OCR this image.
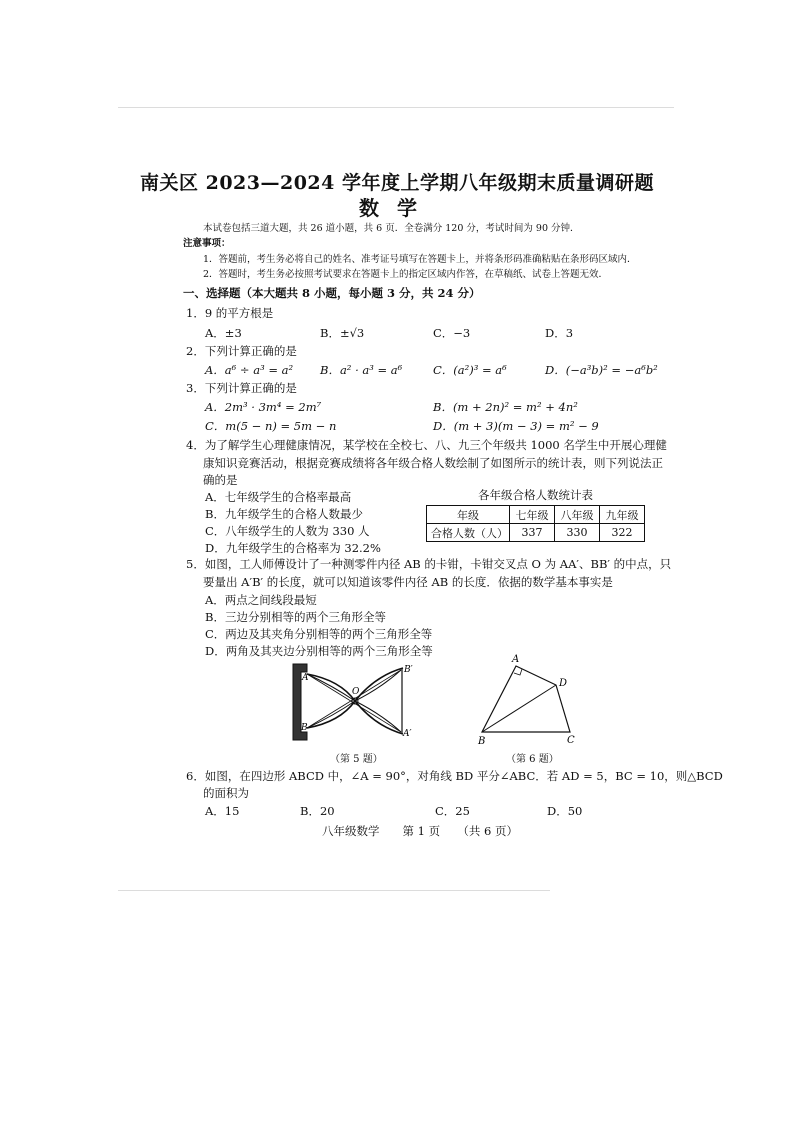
南关区 2023—2024 学年度上学期八年级期末质量调研题
数学
本试卷包括三道大题，共 26 道小题，共 6 页．全卷满分 120 分，考试时间为 90 分钟．
注意事项：
1．答题前，考生务必将自己的姓名、准考证号填写在答题卡上，并将条形码准确粘贴在条形码区域内．
2．答题时，考生务必按照考试要求在答题卡上的指定区域内作答，在草稿纸、试卷上答题无效．
一、选择题（本大题共 8 小题，每小题 3 分，共 24 分）
1．9 的平方根是
A．±3	B．±√3	C．−3	D．3
2．下列计算正确的是
A．a⁶ ÷ a³ = a² B．a² · a³ = a⁶	C．(a²)³ = a⁶	D．(−a³b)² = −a⁶b²
3．下列计算正确的是
A．2m³ · 3m⁴ = 2m⁷	B．(m + 2n)² = m² + 4n²
C．m(5 − n) = 5m − n	D．(m + 3)(m − 3) = m² − 9
4．为了解学生心理健康情况，某学校在全校七、八、九三个年级共 1000 名学生中开展心理健
康知识竞赛活动，根据竞赛成绩将各年级合格人数绘制了如图所示的统计表，则下列说法正
确的是
A．七年级学生的合格率最高
B．九年级学生的合格人数最少
C．八年级学生的人数为 330 人
D．九年级学生的合格率为 32.2%
各年级合格人数统计表
年级	七年级	八年级	九年级
合格人数（人）	337	330	322
5．如图，工人师傅设计了一种测零件内径 AB 的卡钳，卡钳交叉点 O 为 AA′、BB′ 的中点，只
要量出 A′B′ 的长度，就可以知道该零件内径 AB 的长度．依据的数学基本事实是
A．两点之间线段最短
B．三边分别相等的两个三角形全等
C．两边及其夹角分别相等的两个三角形全等
D．两角及其夹边分别相等的两个三角形全等
A
B
O
B′
A′
（第 5 题）
A
B	C
D
（第 6 题）
6．如图，在四边形 ABCD 中，∠A = 90°，对角线 BD 平分∠ABC．若 AD = 5，BC = 10，则△BCD
的面积为
A．15	B．20	C．25	D．50
八年级数学　　第 1 页　　（共 6 页）
